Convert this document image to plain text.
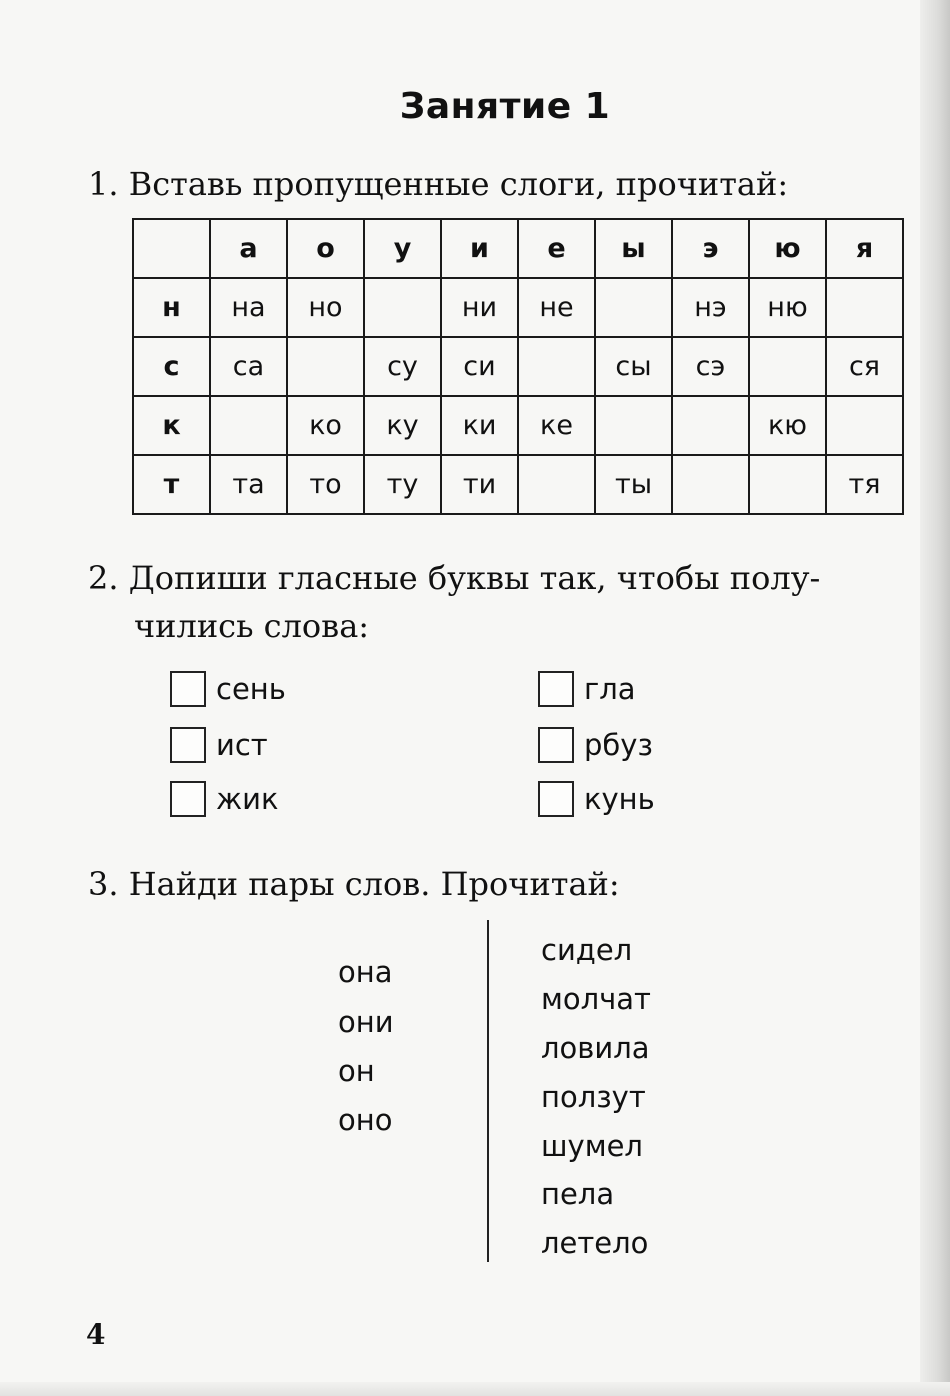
Занятие 1

1. Вставь пропущенные слоги, прочитай:

	а	о	у	и	е	ы	э	ю	я
н	на	но		ни	не		нэ	ню	
с	са		су	си		сы	сэ		ся
к		ко	ку	ки	ке			кю	
т	та	то	ту	ти		ты			тя

2. Допиши гласные буквы так, чтобы полу-
чились слова:

сень
ист
жик
гла
рбуз
кунь

3. Найди пары слов. Прочитай:

она
они
он
оно
сидел
молчат
ловила
ползут
шумел
пела
летело
4
